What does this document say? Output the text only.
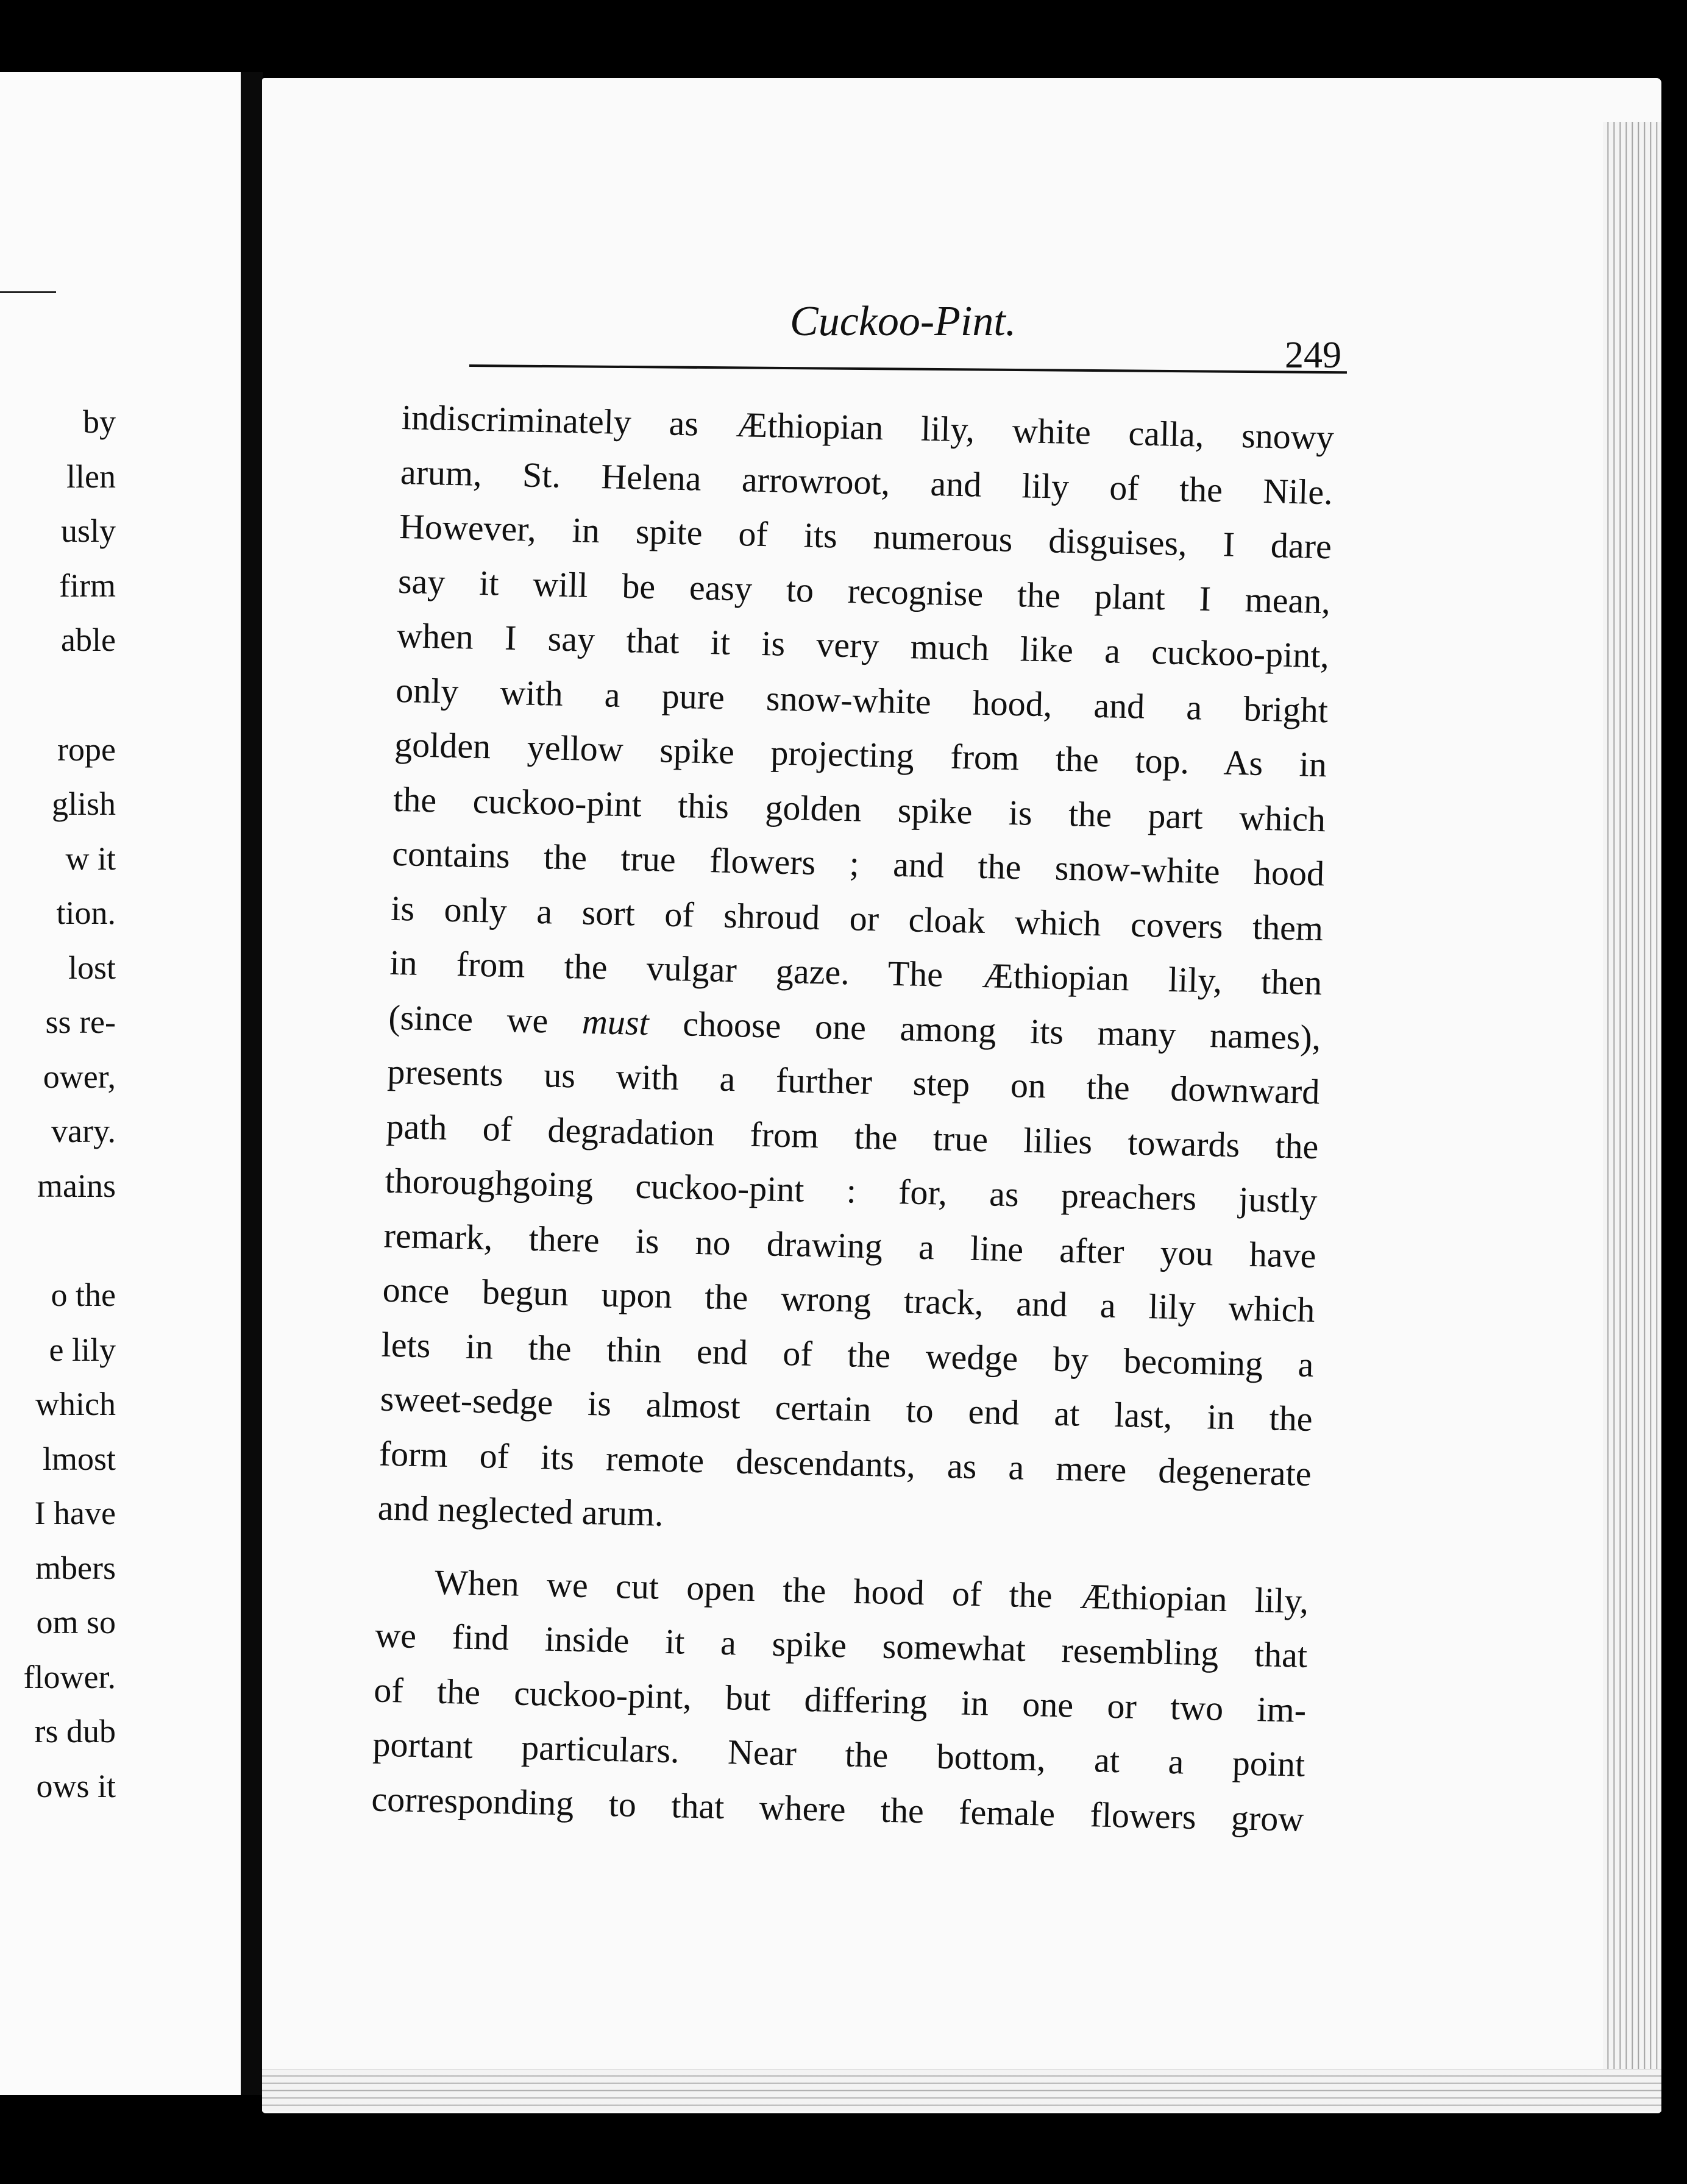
by
llen
usly
firm
able
rope
glish
w it
tion.
lost
ss re-
ower,
vary.
mains
o the
e lily
which
lmost
I have
mbers
om so
flower.
rs dub
ows it
Cuckoo-Pint.
249

indiscriminately as Æthiopian lily, white calla, snowy
arum, St. Helena arrowroot, and lily of the Nile.
However, in spite of its numerous disguises, I dare
say it will be easy to recognise the plant I mean,
when I say that it is very much like a cuckoo-pint,
only with a pure snow-white hood, and a bright
golden yellow spike projecting from the top. As in
the cuckoo-pint this golden spike is the part which
contains the true flowers ; and the snow-white hood
is only a sort of shroud or cloak which covers them
in from the vulgar gaze. The Æthiopian lily, then
(since we must choose one among its many names),
presents us with a further step on the downward
path of degradation from the true lilies towards the
thoroughgoing cuckoo-pint : for, as preachers justly
remark, there is no drawing a line after you have
once begun upon the wrong track, and a lily which
lets in the thin end of the wedge by becoming a
sweet-sedge is almost certain to end at last, in the
form of its remote descendants, as a mere degenerate
and neglected arum.

When we cut open the hood of the Æthiopian lily,
we find inside it a spike somewhat resembling that
of the cuckoo-pint, but differing in one or two im-
portant particulars. Near the bottom, at a point
corresponding to that where the female flowers grow
